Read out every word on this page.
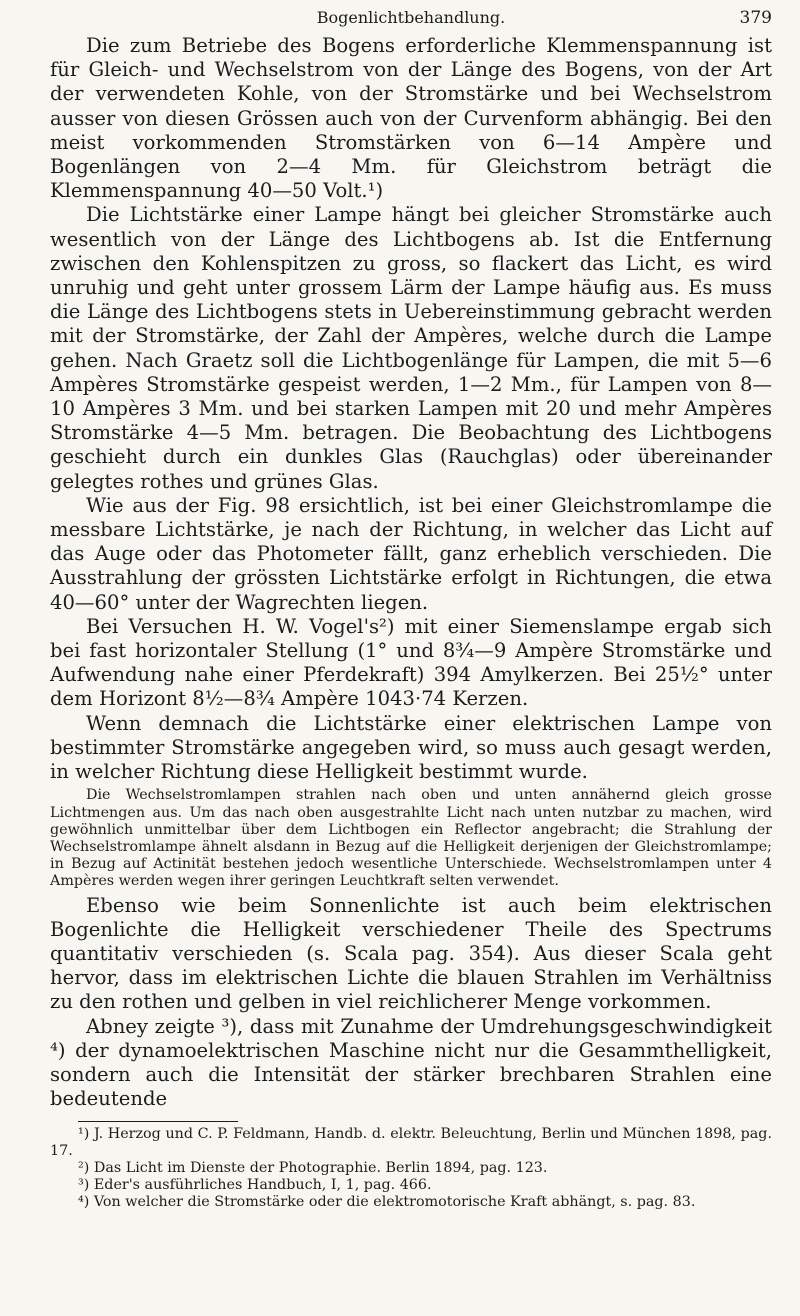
Bogenlichtbehandlung.	379

Die zum Betriebe des Bogens erforderliche Klemmenspannung ist für Gleich- und Wechselstrom von der Länge des Bogens, von der Art der verwendeten Kohle, von der Stromstärke und bei Wechselstrom ausser von diesen Grössen auch von der Curvenform abhängig. Bei den meist vorkommenden Stromstärken von 6—14 Ampère und Bogenlängen von 2—4 Mm. für Gleichstrom beträgt die Klemmenspannung 40—50 Volt.¹)

Die Lichtstärke einer Lampe hängt bei gleicher Stromstärke auch wesentlich von der Länge des Lichtbogens ab. Ist die Entfernung zwischen den Kohlenspitzen zu gross, so flackert das Licht, es wird unruhig und geht unter grossem Lärm der Lampe häufig aus. Es muss die Länge des Lichtbogens stets in Uebereinstimmung gebracht werden mit der Stromstärke, der Zahl der Ampères, welche durch die Lampe gehen. Nach Graetz soll die Lichtbogenlänge für Lampen, die mit 5—6 Ampères Stromstärke gespeist werden, 1—2 Mm., für Lampen von 8—10 Ampères 3 Mm. und bei starken Lampen mit 20 und mehr Ampères Stromstärke 4—5 Mm. betragen. Die Beobachtung des Lichtbogens geschieht durch ein dunkles Glas (Rauchglas) oder übereinander gelegtes rothes und grünes Glas.

Wie aus der Fig. 98 ersichtlich, ist bei einer Gleichstromlampe die messbare Lichtstärke, je nach der Richtung, in welcher das Licht auf das Auge oder das Photometer fällt, ganz erheblich verschieden. Die Ausstrahlung der grössten Lichtstärke erfolgt in Richtungen, die etwa 40—60° unter der Wagrechten liegen.

Bei Versuchen H. W. Vogel's²) mit einer Siemenslampe ergab sich bei fast horizontaler Stellung (1° und 8¾—9 Ampère Stromstärke und Aufwendung nahe einer Pferdekraft) 394 Amylkerzen. Bei 25½° unter dem Horizont 8½—8¾ Ampère 1043·74 Kerzen.

Wenn demnach die Lichtstärke einer elektrischen Lampe von bestimmter Stromstärke angegeben wird, so muss auch gesagt werden, in welcher Richtung diese Helligkeit bestimmt wurde.

Die Wechselstromlampen strahlen nach oben und unten annähernd gleich grosse Lichtmengen aus. Um das nach oben ausgestrahlte Licht nach unten nutzbar zu machen, wird gewöhnlich unmittelbar über dem Lichtbogen ein Reflector angebracht; die Strahlung der Wechselstromlampe ähnelt alsdann in Bezug auf die Helligkeit derjenigen der Gleichstromlampe; in Bezug auf Actinität bestehen jedoch wesentliche Unterschiede. Wechselstromlampen unter 4 Ampères werden wegen ihrer geringen Leuchtkraft selten verwendet.

Ebenso wie beim Sonnenlichte ist auch beim elektrischen Bogenlichte die Helligkeit verschiedener Theile des Spectrums quantitativ verschieden (s. Scala pag. 354). Aus dieser Scala geht hervor, dass im elektrischen Lichte die blauen Strahlen im Verhältniss zu den rothen und gelben in viel reichlicherer Menge vorkommen.

Abney zeigte ³), dass mit Zunahme der Umdrehungsgeschwindigkeit ⁴) der dynamoelektrischen Maschine nicht nur die Gesammthelligkeit, sondern auch die Intensität der stärker brechbaren Strahlen eine bedeutende

¹) J. Herzog und C. P. Feldmann, Handb. d. elektr. Beleuchtung, Berlin und München 1898, pag. 17.

²) Das Licht im Dienste der Photographie. Berlin 1894, pag. 123.

³) Eder's ausführliches Handbuch, I, 1, pag. 466.

⁴) Von welcher die Stromstärke oder die elektromotorische Kraft abhängt, s. pag. 83.
